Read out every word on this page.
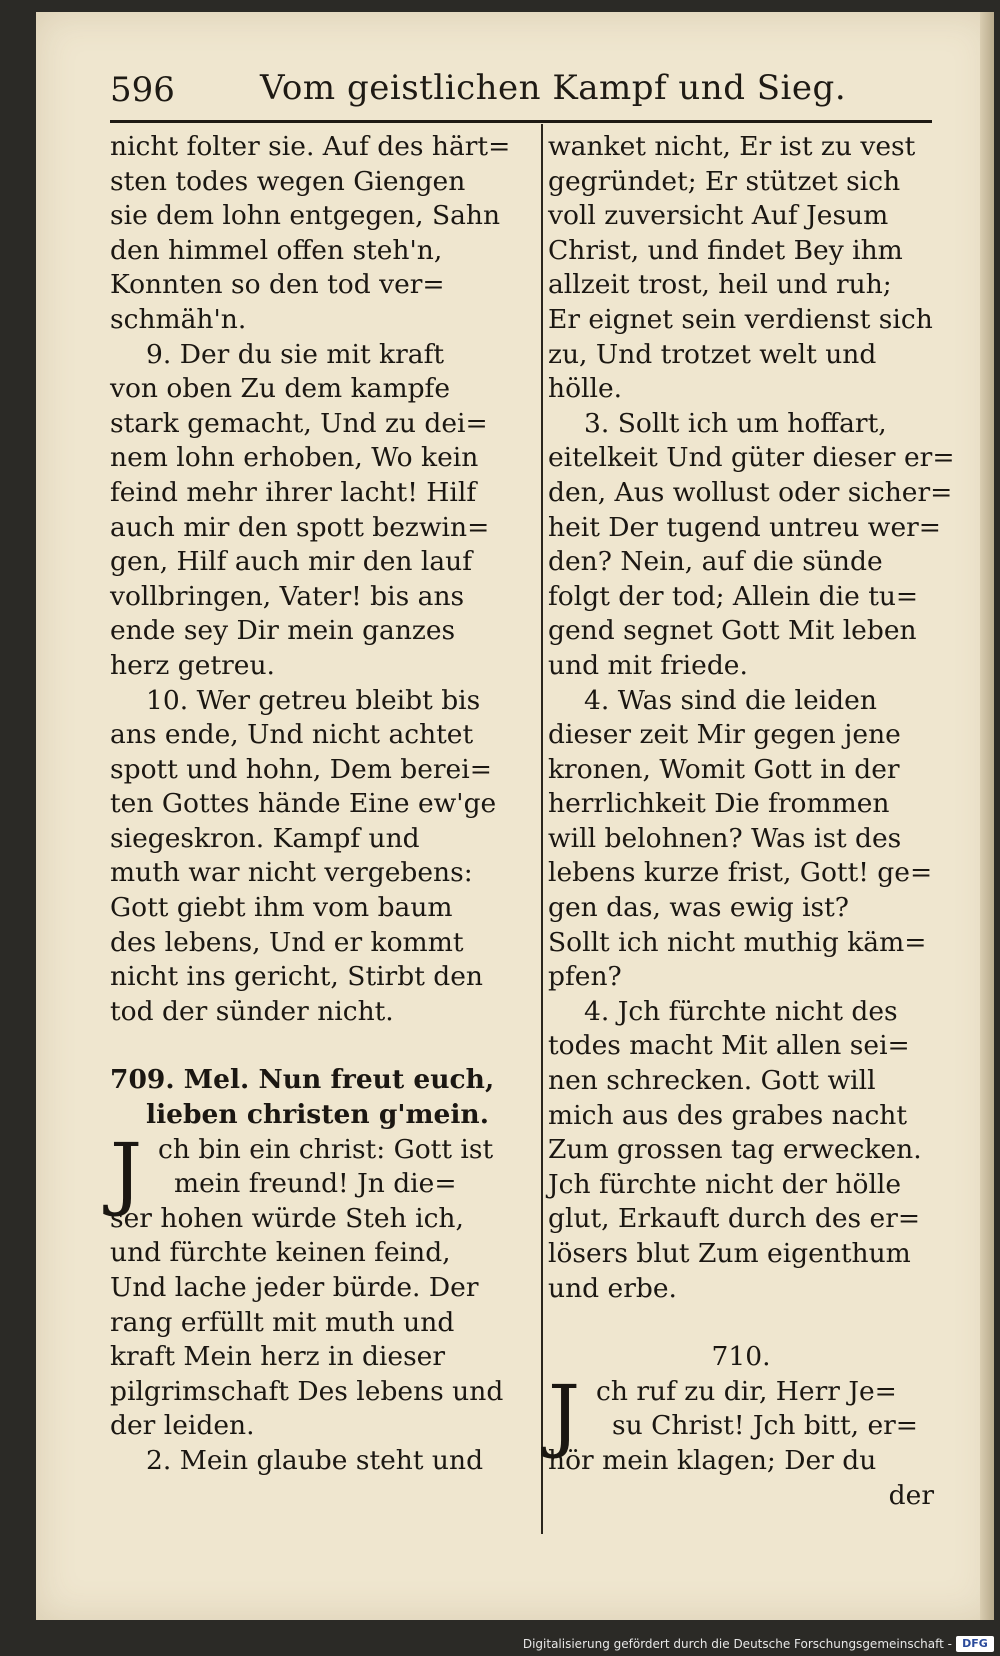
596	Vom geistlichen Kampf und Sieg.
nicht folter sie. Auf des härt=
sten todes wegen Giengen
sie dem lohn entgegen, Sahn
den himmel offen steh'n,
Konnten so den tod ver=
schmäh'n.
9. Der du sie mit kraft
von oben Zu dem kampfe
stark gemacht, Und zu dei=
nem lohn erhoben, Wo kein
feind mehr ihrer lacht! Hilf
auch mir den spott bezwin=
gen, Hilf auch mir den lauf
vollbringen, Vater! bis ans
ende sey Dir mein ganzes
herz getreu.
10. Wer getreu bleibt bis
ans ende, Und nicht achtet
spott und hohn, Dem berei=
ten Gottes hände Eine ew'ge
siegeskron. Kampf und
muth war nicht vergebens:
Gott giebt ihm vom baum
des lebens, Und er kommt
nicht ins gericht, Stirbt den
tod der sünder nicht.
709. Mel. Nun freut euch,
lieben christen g'mein.
J ch bin ein christ: Gott ist
mein freund! Jn die=
ser hohen würde Steh ich,
und fürchte keinen feind,
Und lache jeder bürde. Der
rang erfüllt mit muth und
kraft Mein herz in dieser
pilgrimschaft Des lebens und
der leiden.
2. Mein glaube steht und
wanket nicht, Er ist zu vest
gegründet; Er stützet sich
voll zuversicht Auf Jesum
Christ, und findet Bey ihm
allzeit trost, heil und ruh;
Er eignet sein verdienst sich
zu, Und trotzet welt und
hölle.
3. Sollt ich um hoffart,
eitelkeit Und güter dieser er=
den, Aus wollust oder sicher=
heit Der tugend untreu wer=
den? Nein, auf die sünde
folgt der tod; Allein die tu=
gend segnet Gott Mit leben
und mit friede.
4. Was sind die leiden
dieser zeit Mir gegen jene
kronen, Womit Gott in der
herrlichkeit Die frommen
will belohnen? Was ist des
lebens kurze frist, Gott! ge=
gen das, was ewig ist?
Sollt ich nicht muthig käm=
pfen?
4. Jch fürchte nicht des
todes macht Mit allen sei=
nen schrecken. Gott will
mich aus des grabes nacht
Zum grossen tag erwecken.
Jch fürchte nicht der hölle
glut, Erkauft durch des er=
lösers blut Zum eigenthum
und erbe.
710.
J ch ruf zu dir, Herr Je=
su Christ! Jch bitt, er=
hör mein klagen; Der du
der
Digitalisierung gefördert durch die Deutsche Forschungsgemeinschaft - DFG
